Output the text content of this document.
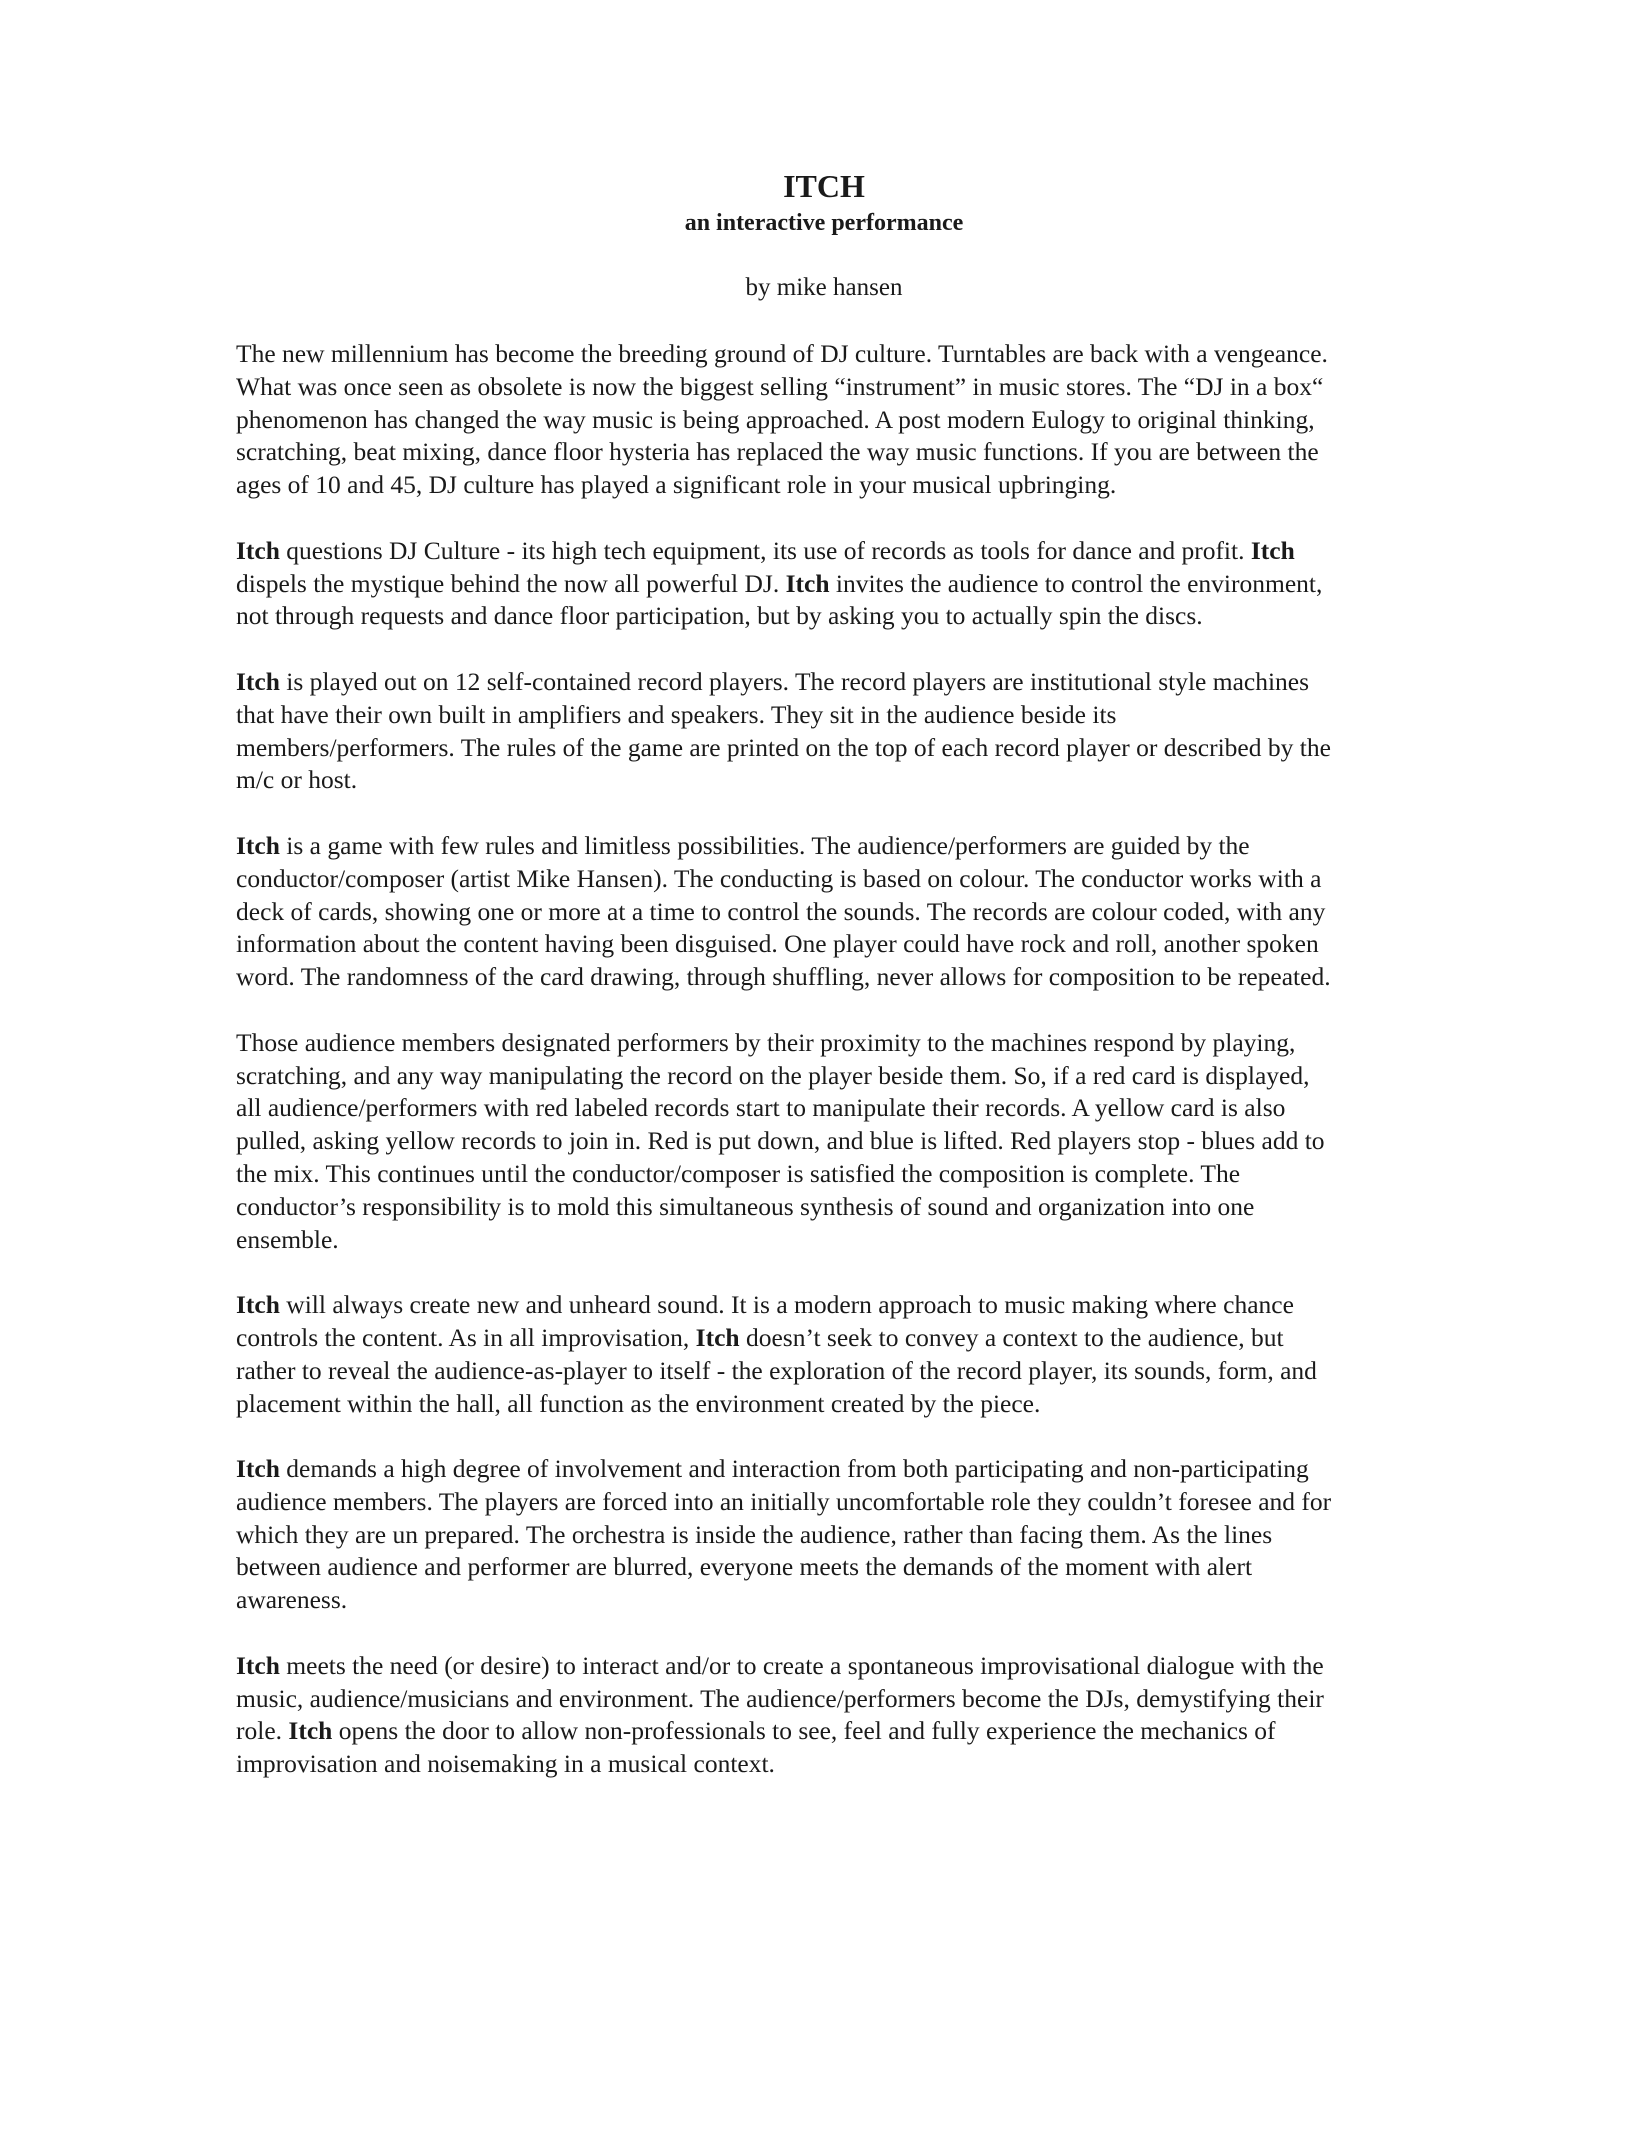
ITCH
an interactive performance
by mike hansen
The new millennium has become the breeding ground of DJ culture. Turntables are back with a vengeance.
What was once seen as obsolete is now the biggest selling “instrument” in music stores. The “DJ in a box“
phenomenon has changed the way music is being approached. A post modern Eulogy to original thinking,
scratching, beat mixing, dance floor hysteria has replaced the way music functions. If you are between the
ages of 10 and 45, DJ culture has played a significant role in your musical upbringing.
Itch questions DJ Culture - its high tech equipment, its use of records as tools for dance and profit. Itch
dispels the mystique behind the now all powerful DJ. Itch invites the audience to control the environment,
not through requests and dance floor participation, but by asking you to actually spin the discs.
Itch is played out on 12 self-contained record players. The record players are institutional style machines
that have their own built in amplifiers and speakers. They sit in the audience beside its
members/performers. The rules of the game are printed on the top of each record player or described by the
m/c or host.
Itch is a game with few rules and limitless possibilities. The audience/performers are guided by the
conductor/composer (artist Mike Hansen). The conducting is based on colour. The conductor works with a
deck of cards, showing one or more at a time to control the sounds. The records are colour coded, with any
information about the content having been disguised. One player could have rock and roll, another spoken
word. The randomness of the card drawing, through shuffling, never allows for composition to be repeated.
Those audience members designated performers by their proximity to the machines respond by playing,
scratching, and any way manipulating the record on the player beside them. So, if a red card is displayed,
all audience/performers with red labeled records start to manipulate their records. A yellow card is also
pulled, asking yellow records to join in. Red is put down, and blue is lifted. Red players stop - blues add to
the mix. This continues until the conductor/composer is satisfied the composition is complete. The
conductor’s responsibility is to mold this simultaneous synthesis of sound and organization into one
ensemble.
Itch will always create new and unheard sound. It is a modern approach to music making where chance
controls the content. As in all improvisation, Itch doesn’t seek to convey a context to the audience, but
rather to reveal the audience-as-player to itself - the exploration of the record player, its sounds, form, and
placement within the hall, all function as the environment created by the piece.
Itch demands a high degree of involvement and interaction from both participating and non-participating
audience members. The players are forced into an initially uncomfortable role they couldn’t foresee and for
which they are un prepared. The orchestra is inside the audience, rather than facing them. As the lines
between audience and performer are blurred, everyone meets the demands of the moment with alert
awareness.
Itch meets the need (or desire) to interact and/or to create a spontaneous improvisational dialogue with the
music, audience/musicians and environment. The audience/performers become the DJs, demystifying their
role. Itch opens the door to allow non-professionals to see, feel and fully experience the mechanics of
improvisation and noisemaking in a musical context.
